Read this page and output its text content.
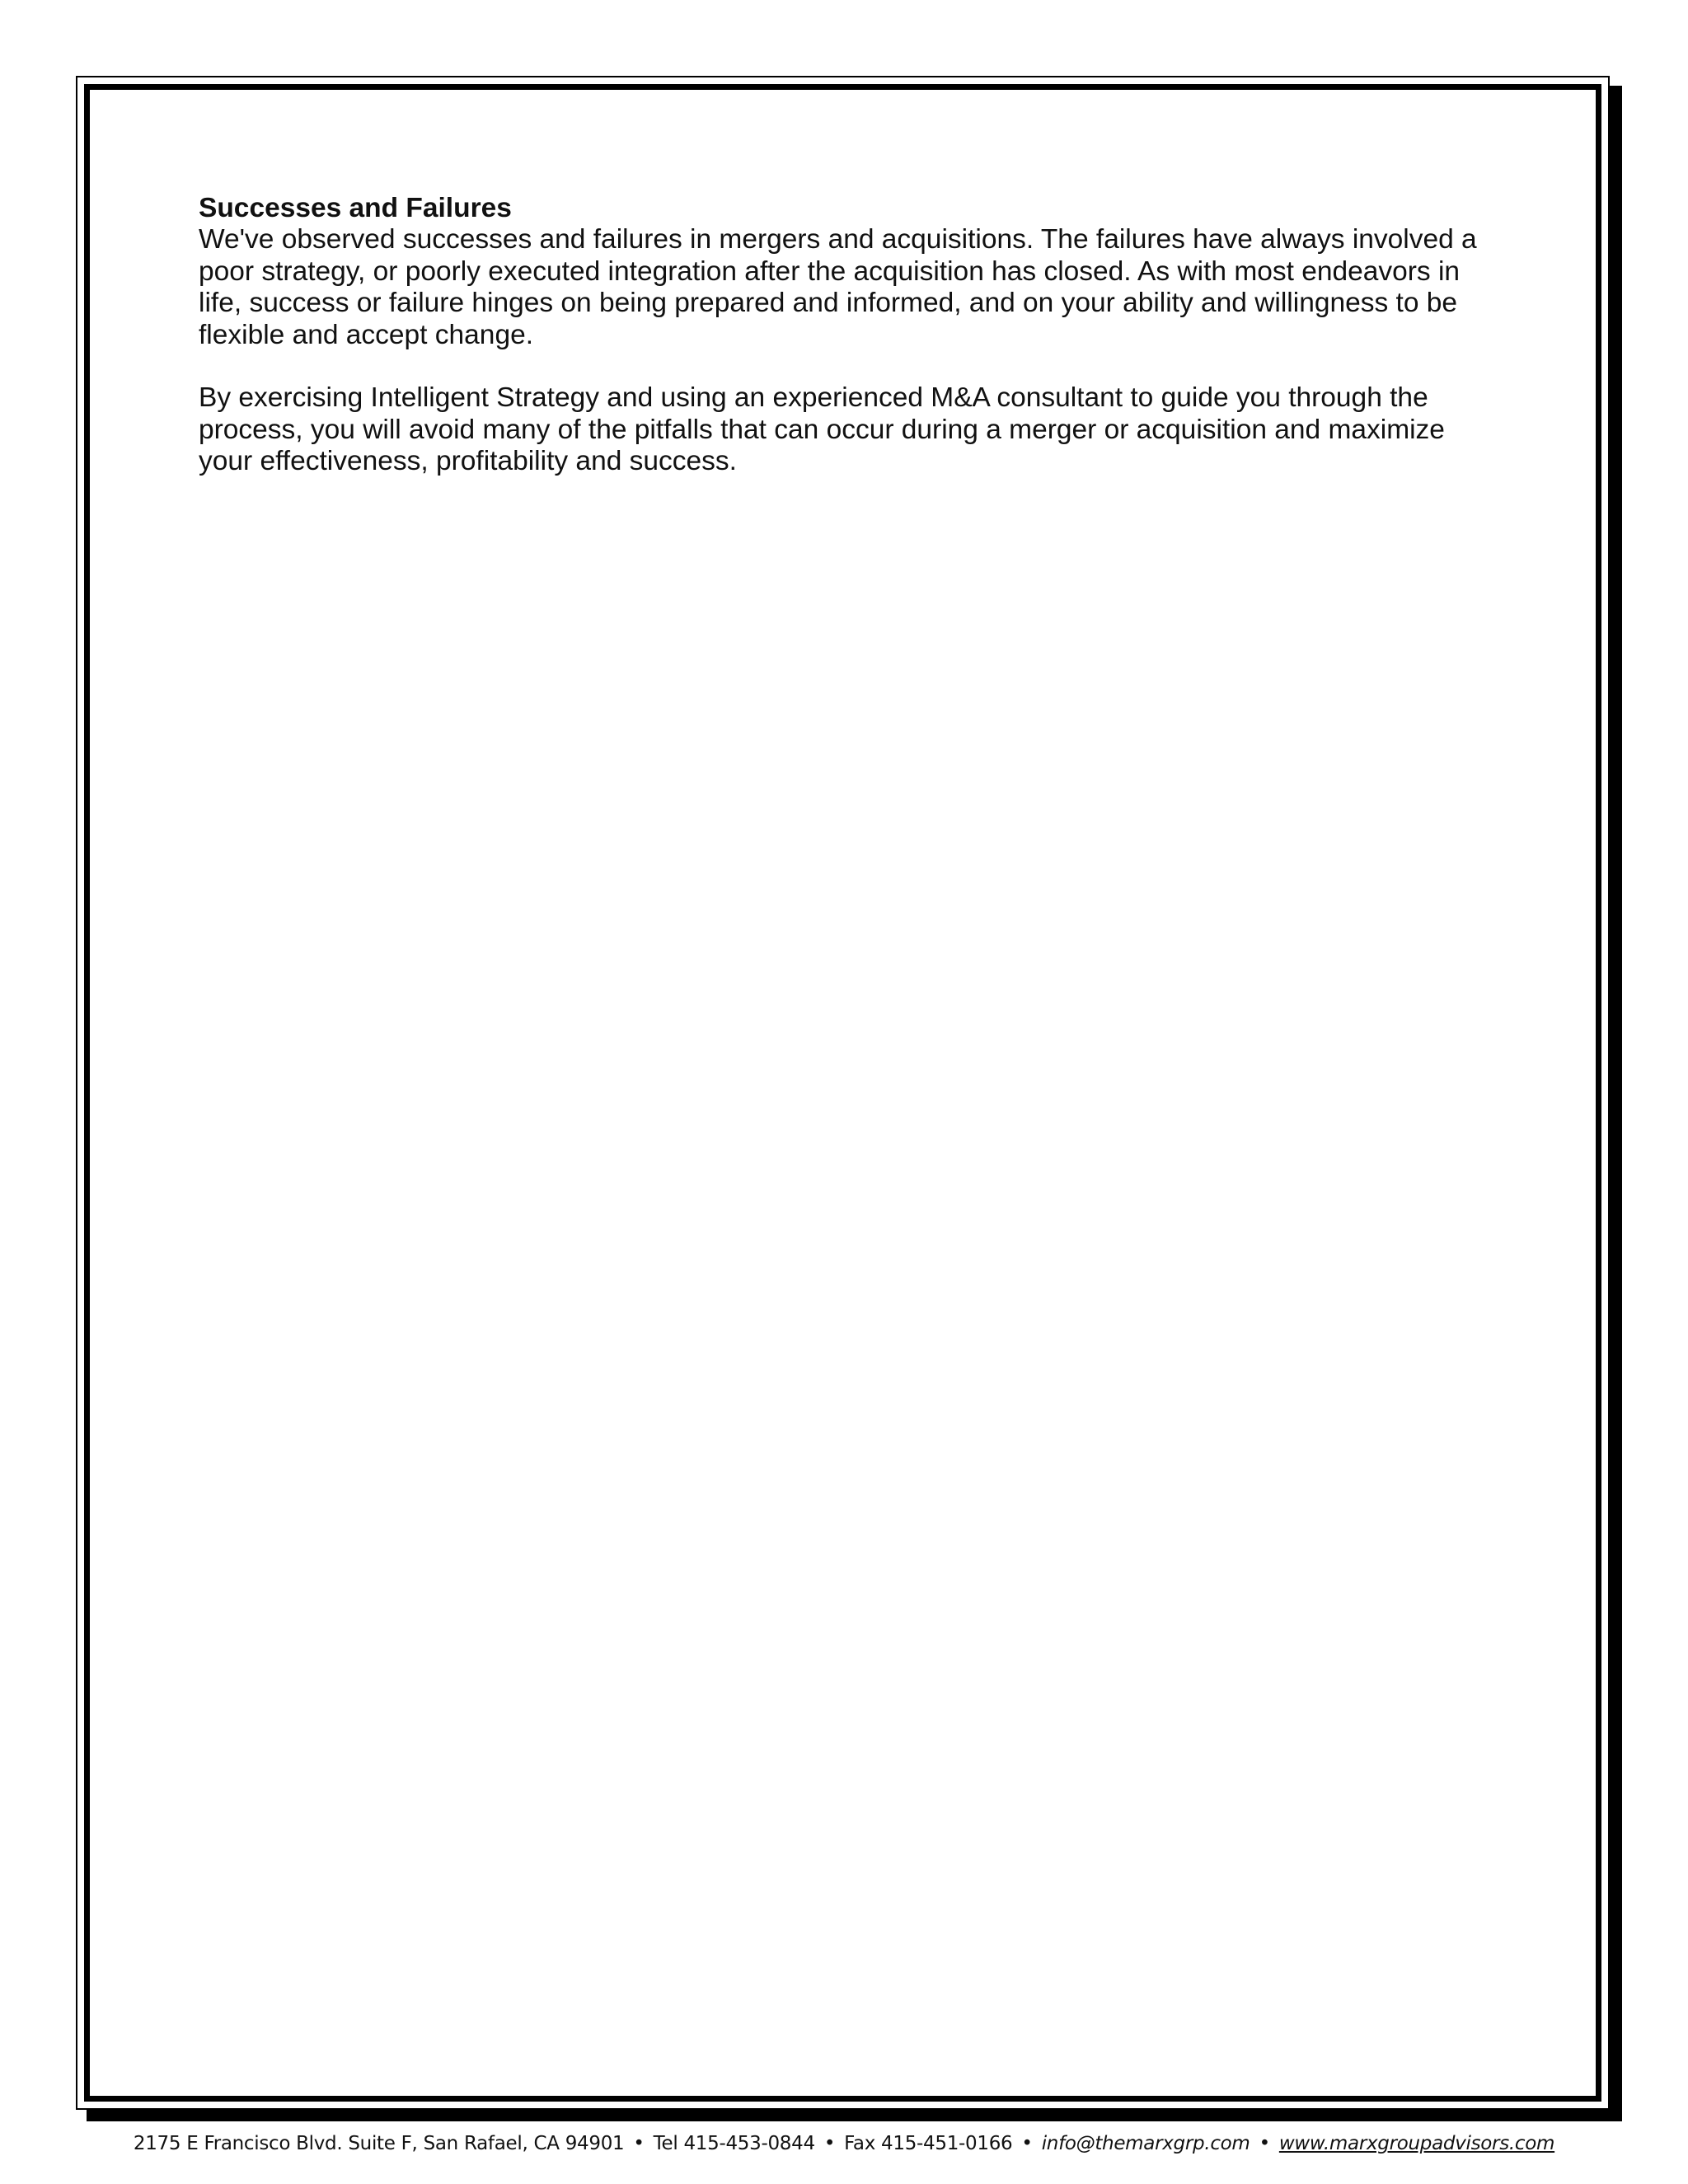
Successes and Failures

We've observed successes and failures in mergers and acquisitions. The failures have always involved a poor strategy, or poorly executed integration after the acquisition has closed. As with most endeavors in life, success or failure hinges on being prepared and informed, and on your ability and willingness to be flexible and accept change.

By exercising Intelligent Strategy and using an experienced M&A consultant to guide you through the process, you will avoid many of the pitfalls that can occur during a merger or acquisition and maximize your effectiveness, profitability and success.

2175 E Francisco Blvd. Suite F, San Rafael, CA 94901 • Tel 415-453-0844 • Fax 415-451-0166 • info@themarxgrp.com • www.marxgroupadvisors.com
